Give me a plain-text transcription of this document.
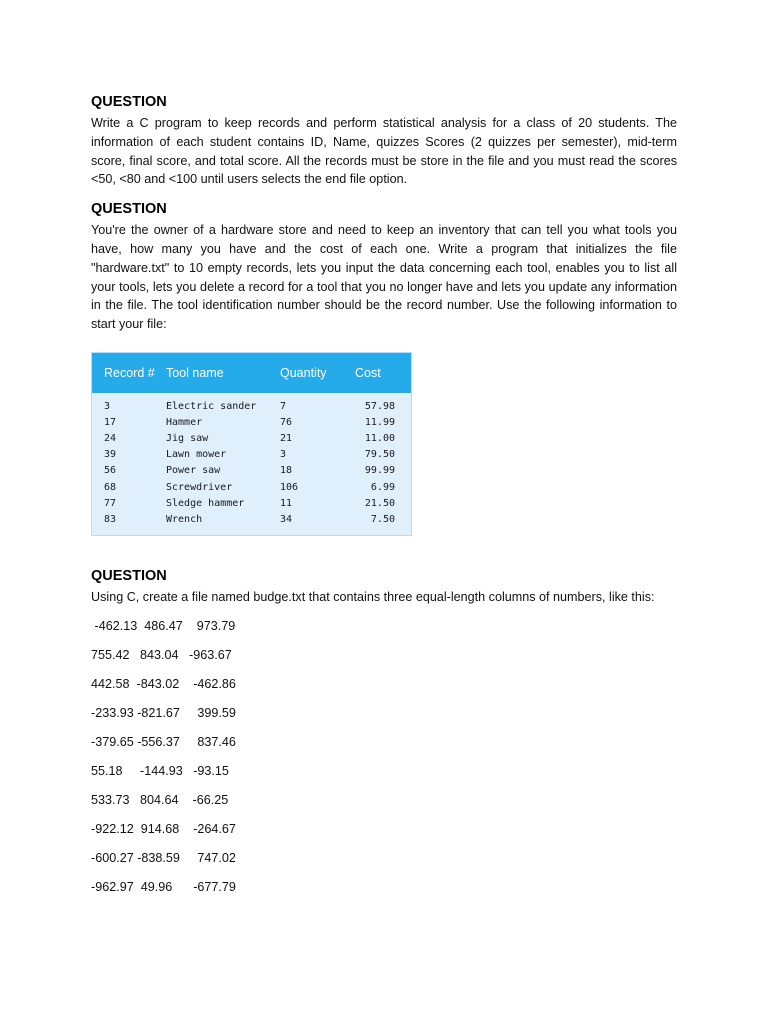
QUESTION

Write a C program to keep records and perform statistical analysis for a class of 20 students. The information of each student contains ID, Name, quizzes Scores (2 quizzes per semester), mid-term score, final score, and total score. All the records must be store in the file and you must read the scores <50, <80 and <100 until users selects the end file option.

QUESTION

You're the owner of a hardware store and need to keep an inventory that can tell you what tools you have, how many you have and the cost of each one. Write a program that initializes the file "hardware.txt" to 10 empty records, lets you input the data concerning each tool, enables you to list all your tools, lets you delete a record for a tool that you no longer have and lets you update any information in the file. The tool identification number should be the record number. Use the following information to start your file:

Record # Tool name	Quantity	Cost
3	Electric sander	7	57.98
17	Hammer	76	11.99
24	Jig saw	21	11.00
39	Lawn mower	3	79.50
56	Power saw	18	99.99
68	Screwdriver	106	6.99
77	Sledge hammer	11	21.50
83	Wrench	34	7.50
QUESTION

Using C, create a file named budge.txt that contains three equal-length columns of numbers, like this:

-462.13  486.47    973.79
755.42   843.04   -963.67
442.58  -843.02    -462.86
-233.93 -821.67     399.59
-379.65 -556.37     837.46
55.18     -144.93   -93.15
533.73   804.64    -66.25
-922.12  914.68    -264.67
-600.27 -838.59     747.02
-962.97  49.96      -677.79
